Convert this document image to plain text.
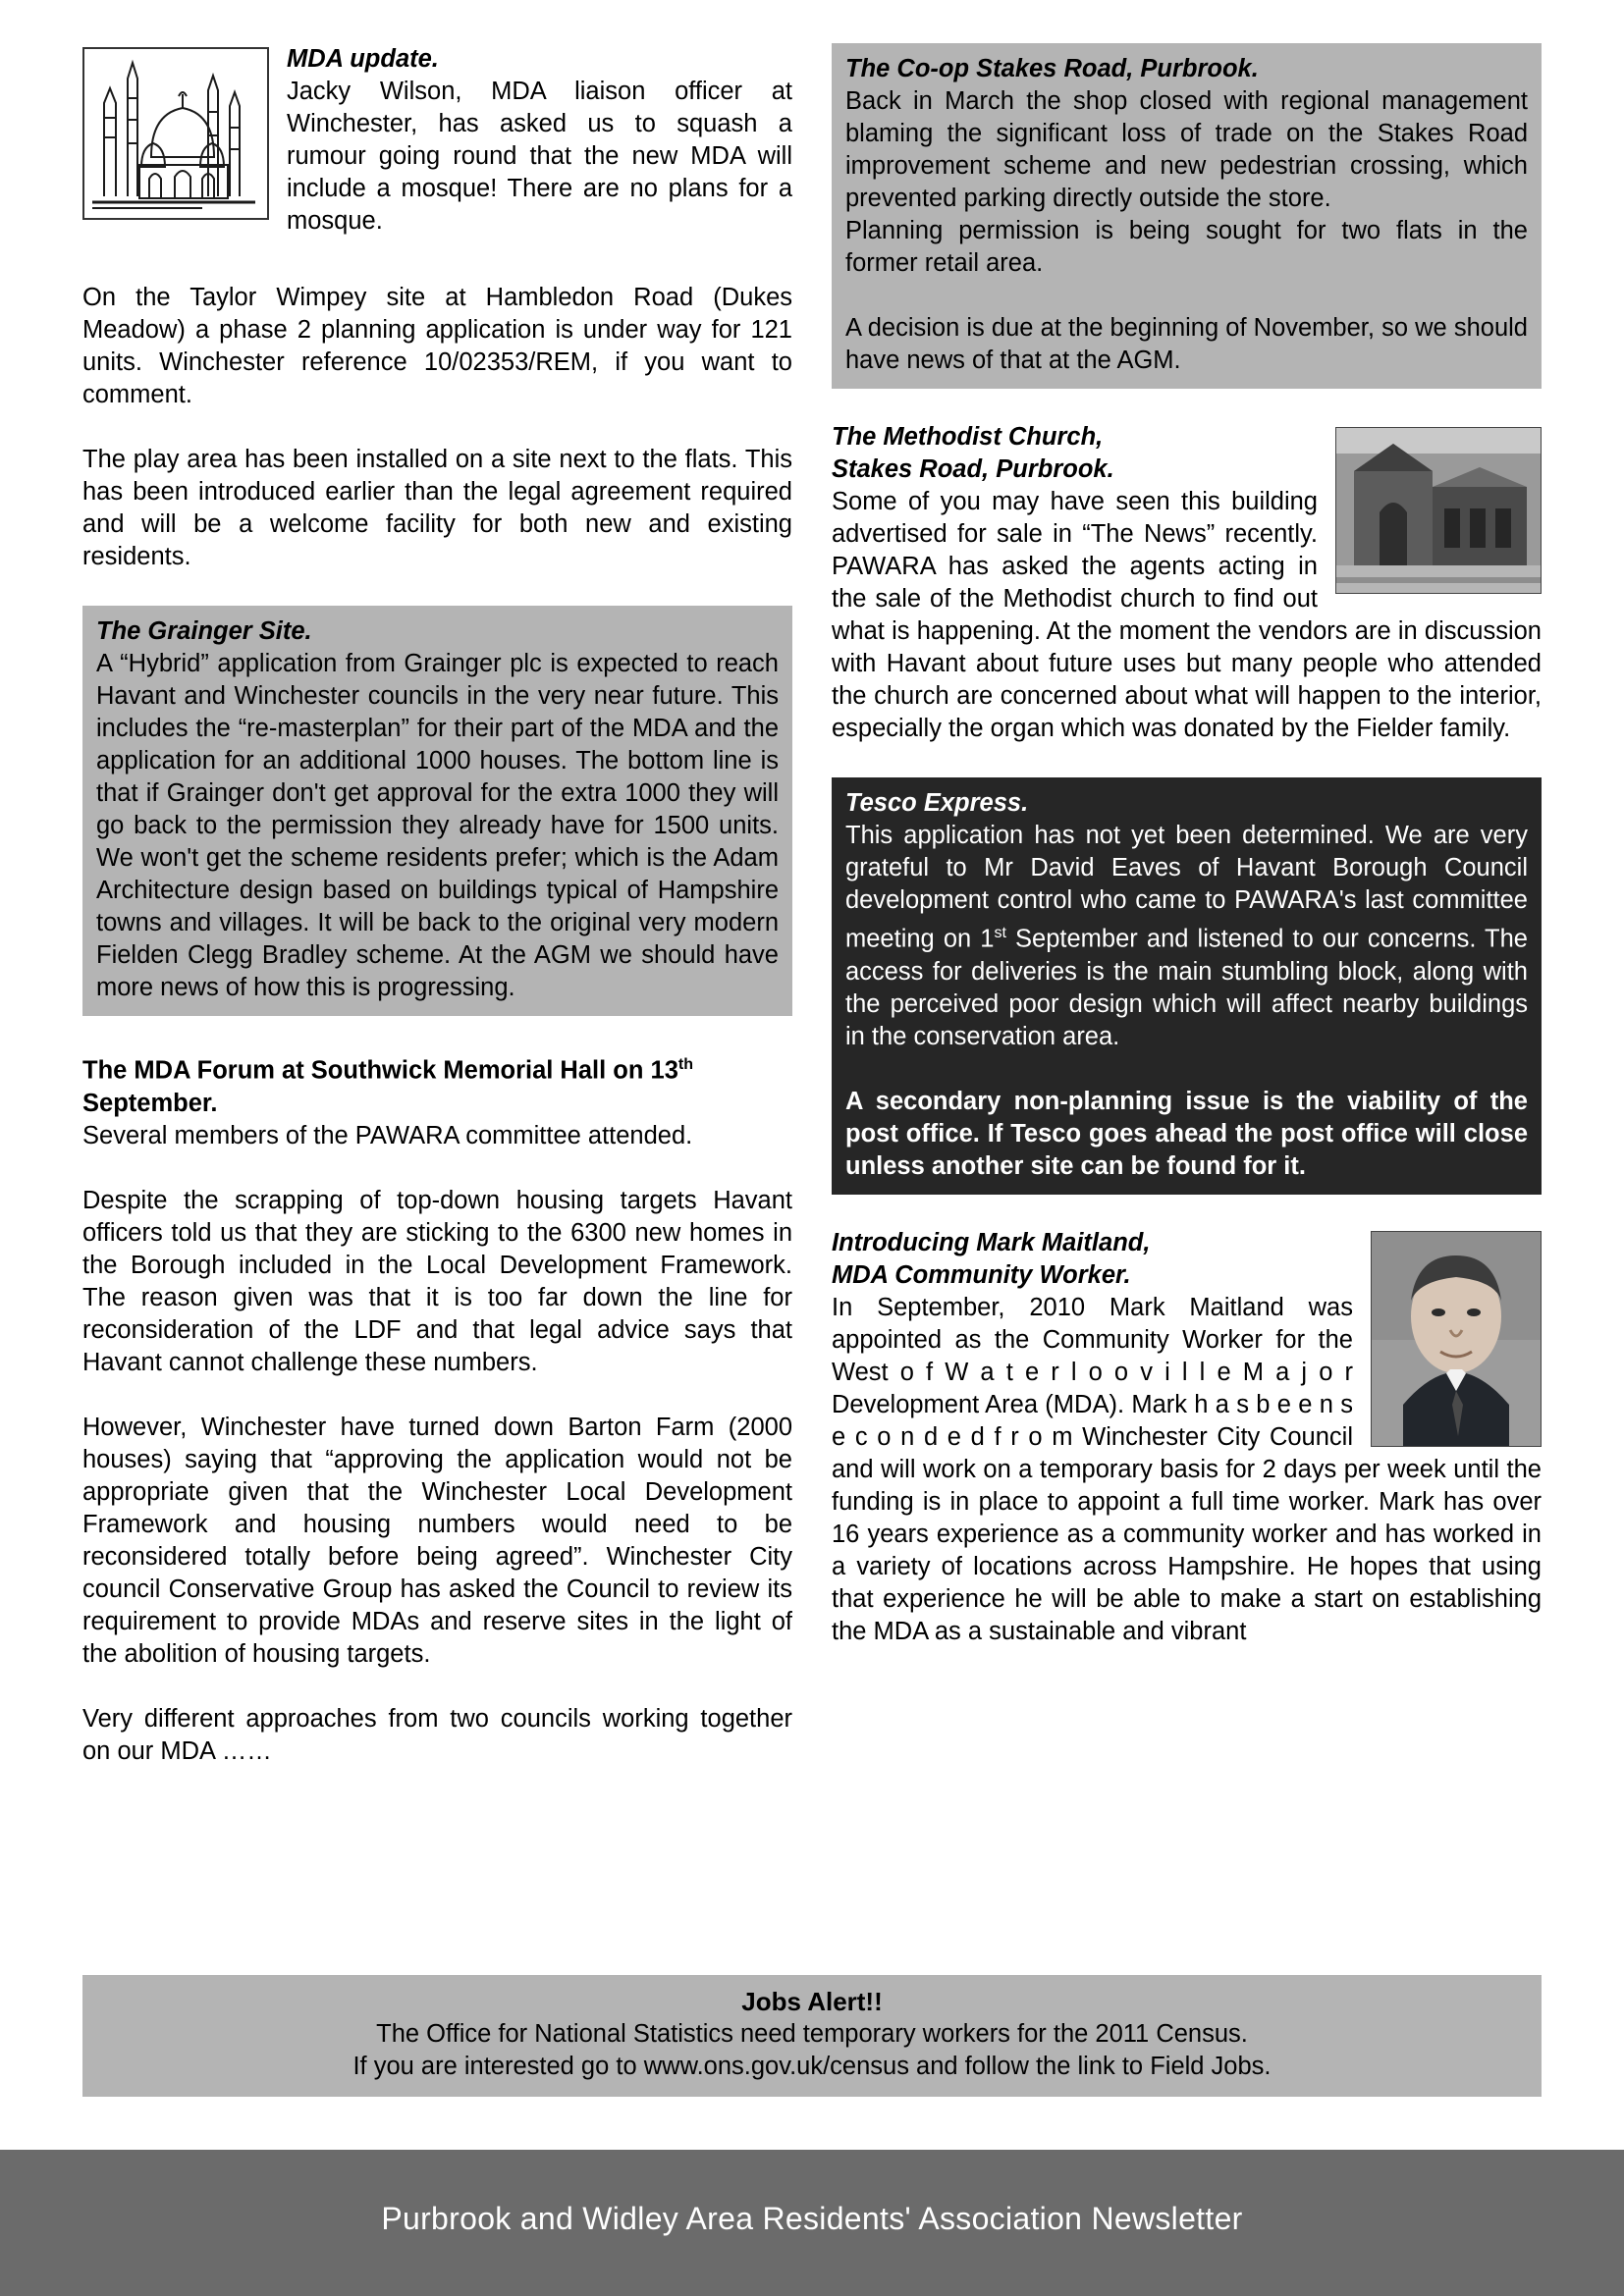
MDA update.

Jacky Wilson, MDA liaison officer at Winchester, has asked us to squash a rumour going round that the new MDA will include a mosque! There are no plans for a mosque.

On the Taylor Wimpey site at Hambledon Road (Dukes Meadow) a phase 2 planning application is under way for 121 units. Winchester reference 10/02353/REM, if you want to comment.

The play area has been installed on a site next to the flats. This has been introduced earlier than the legal agreement required and will be a welcome facility for both new and existing residents.

The Grainger Site.

A “Hybrid” application from Grainger plc is expected to reach Havant and Winchester councils in the very near future. This includes the “re-masterplan” for their part of the MDA and the application for an additional 1000 houses. The bottom line is that if Grainger don't get approval for the extra 1000 they will go back to the permission they already have for 1500 units. We won't get the scheme residents prefer; which is the Adam Architecture design based on buildings typical of Hampshire towns and villages. It will be back to the original very modern Fielden Clegg Bradley scheme. At the AGM we should have more news of how this is progressing.

The MDA Forum at Southwick Memorial Hall on 13th September.

Several members of the PAWARA committee attended.

Despite the scrapping of top-down housing targets Havant officers told us that they are sticking to the 6300 new homes in the Borough included in the Local Development Framework. The reason given was that it is too far down the line for reconsideration of the LDF and that legal advice says that Havant cannot challenge these numbers.

However, Winchester have turned down Barton Farm (2000 houses) saying that “approving the application would not be appropriate given that the Winchester Local Development Framework and housing numbers would need to be reconsidered totally before being agreed”. Winchester City council Conservative Group has asked the Council to review its requirement to provide MDAs and reserve sites in the light of the abolition of housing targets.

Very different approaches from two councils working together on our MDA ……

The Co-op Stakes Road, Purbrook.

Back in March the shop closed with regional management blaming the significant loss of trade on the Stakes Road improvement scheme and new pedestrian crossing, which prevented parking directly outside the store.

Planning permission is being sought for two flats in the former retail area.

A decision is due at the beginning of November, so we should have news of that at the AGM.

The Methodist Church,

Stakes Road, Purbrook.

Some of you may have seen this building advertised for sale in “The News” recently. PAWARA has asked the agents acting in the sale of the Methodist church to find out what is happening. At the moment the vendors are in discussion with Havant about future uses but many people who attended the church are concerned about what will happen to the interior, especially the organ which was donated by the Fielder family.

Tesco Express.

This application has not yet been determined. We are very grateful to Mr David Eaves of Havant Borough Council development control who came to PAWARA's last committee meeting on 1st September and listened to our concerns. The access for deliveries is the main stumbling block, along with the perceived poor design which will affect nearby buildings in the conservation area.

A secondary non-planning issue is the viability of the post office. If Tesco goes ahead the post office will close unless another site can be found for it.

Introducing Mark Maitland,

MDA Community Worker.

In September, 2010 Mark Maitland was appointed as the Community Worker for the West o f W a t e r l o o v i l l e M a j o r Development Area (MDA). Mark h a s b e e n s e c o n d e d f r o m Winchester City Council and will work on a temporary basis for 2 days per week until the funding is in place to appoint a full time worker. Mark has over 16 years experience as a community worker and has worked in a variety of locations across Hampshire. He hopes that using that experience he will be able to make a start on establishing the MDA as a sustainable and vibrant

Jobs Alert!!
The Office for National Statistics need temporary workers for the 2011 Census.
If you are interested go to www.ons.gov.uk/census and follow the link to Field Jobs.
Purbrook and Widley Area Residents' Association Newsletter
